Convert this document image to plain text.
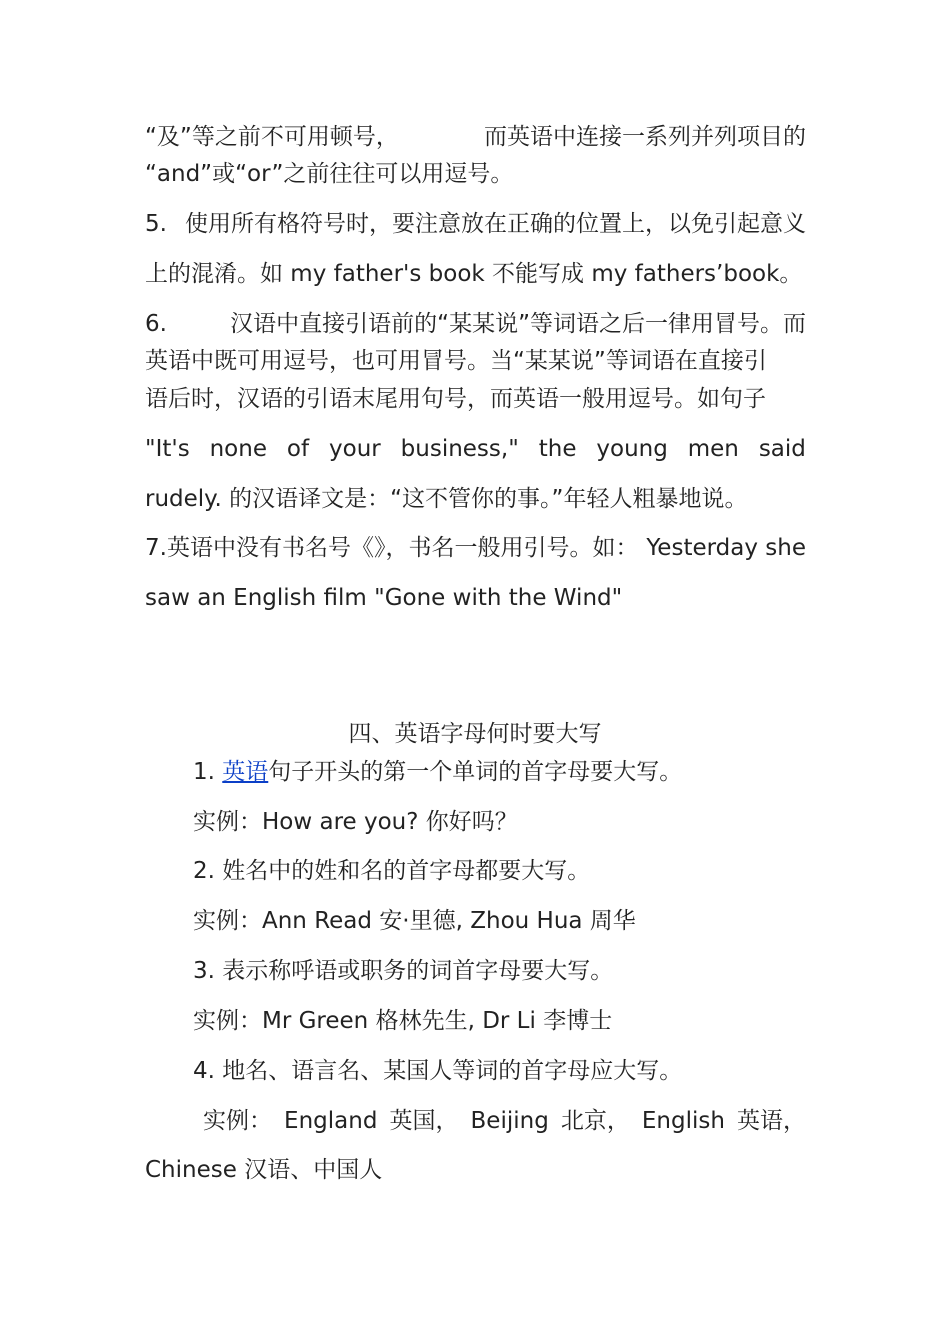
“及”等之前不可用顿号，	而英语中连接一系列并列项目的
“and”或“or”之前往往可以用逗号。
5. 使用所有格符号时，要注意放在正确的位置上，以免引起意义
上的混淆。如 my father's book 不能写成 my fathers’book。
6.	汉语中直接引语前的“某某说”等词语之后一律用冒号。而
英语中既可用逗号，也可用冒号。当“某某说”等词语在直接引
语后时，汉语的引语末尾用句号，而英语一般用逗号。如句子
"It's none of your business," the young men said
rudely. 的汉语译文是：“这不管你的事。”年轻人粗暴地说。
7.英语中没有书名号《》，书名一般用引号。如： Yesterday she
saw an English film "Gone with the Wind"
四、英语字母何时要大写
1. 英语句子开头的第一个单词的首字母要大写。
实例：How are you? 你好吗？
2. 姓名中的姓和名的首字母都要大写。
实例：Ann Read 安·里德, Zhou Hua 周华
3. 表示称呼语或职务的词首字母要大写。
实例：Mr Green 格林先生, Dr Li 李博士
4. 地名、语言名、某国人等词的首字母应大写。
实例： England 英国， Beijing 北京， English 英语，
Chinese 汉语、中国人
